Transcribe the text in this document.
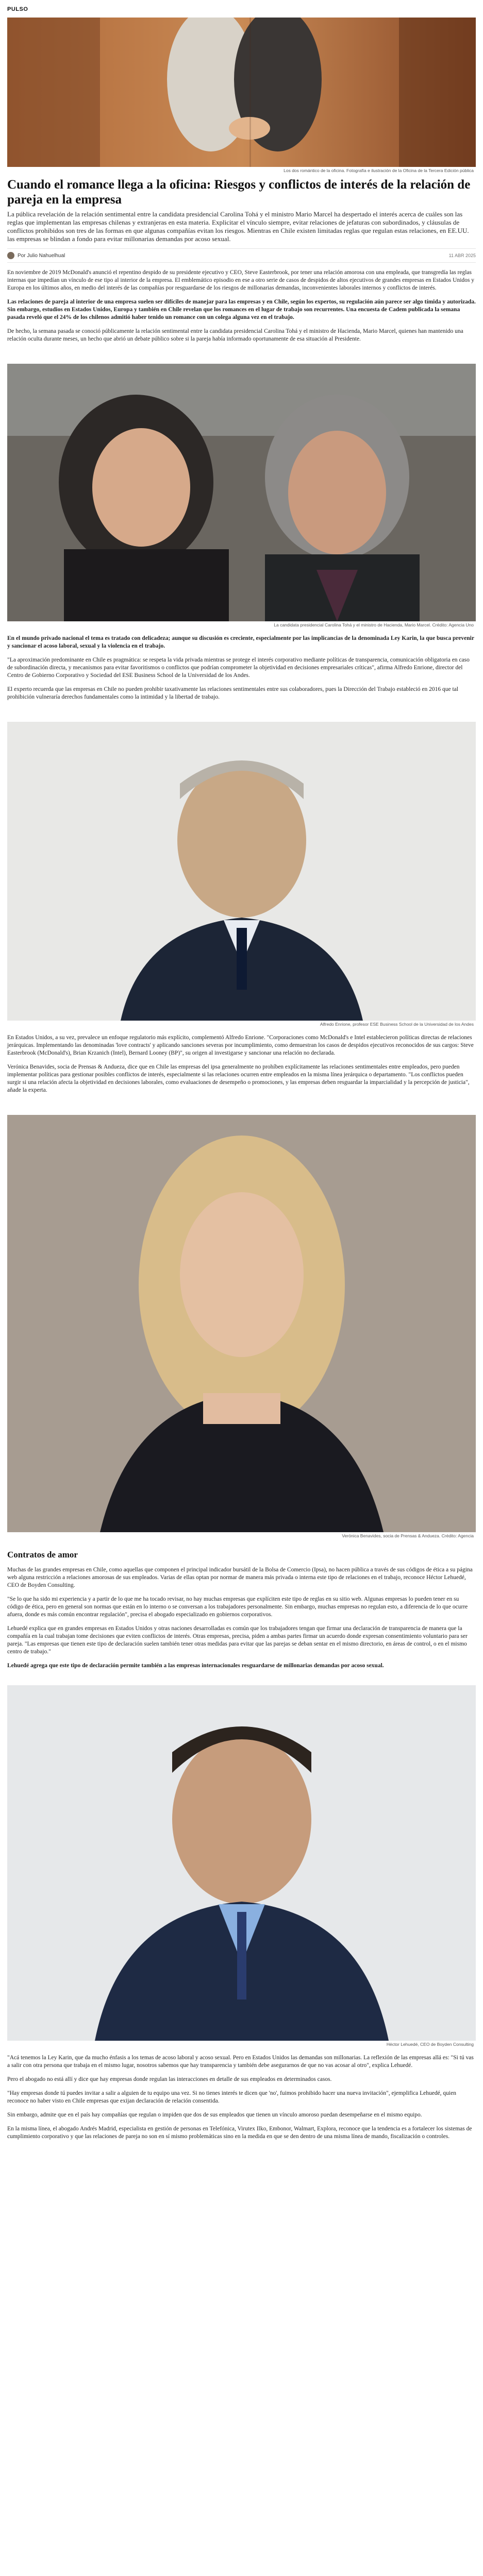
PULSO
Los dos romántico de la oficina. Fotografía e ilustración de la Oficina de la Tercera Edición pública
Cuando el romance llega a la oficina: Riesgos y conflictos de interés de la relación de pareja en la empresa

La pública revelación de la relación sentimental entre la candidata presidencial Carolina Tohá y el ministro Mario Marcel ha despertado el interés acerca de cuáles son las reglas que implementan las empresas chilenas y extranjeras en esta materia. Explicitar el vínculo siempre, evitar relaciones de jefaturas con subordinados, y cláusulas de conflictos prohibidos son tres de las formas en que algunas compañías evitan los riesgos. Mientras en Chile existen limitadas reglas que regulan estas relaciones, en EE.UU. las empresas se blindan a fondo para evitar millonarias demandas por acoso sexual.

Por Julio Nahuelhual	11 ABR 2025

En noviembre de 2019 McDonald's anunció el repentino despido de su presidente ejecutivo y CEO, Steve Easterbrook, por tener una relación amorosa con una empleada, que transgredía las reglas internas que impedían un vínculo de ese tipo al interior de la empresa. El emblemático episodio en ese a otro serie de casos de despidos de altos ejecutivos de grandes empresas en Estados Unidos y Europa en los últimos años, en medio del interés de las compañías por resguardarse de los riesgos de millonarias demandas, inconvenientes laborales internos y conflictos de interés.

Las relaciones de pareja al interior de una empresa suelen ser difíciles de manejar para las empresas y en Chile, según los expertos, su regulación aún parece ser algo tímida y autorizada. Sin embargo, estudios en Estados Unidos, Europa y también en Chile revelan que los romances en el lugar de trabajo son recurrentes. Una encuesta de Cadem publicada la semana pasada reveló que el 24% de los chilenos admitió haber tenido un romance con un colega alguna vez en el trabajo.

De hecho, la semana pasada se conoció públicamente la relación sentimental entre la candidata presidencial Carolina Tohá y el ministro de Hacienda, Mario Marcel, quienes han mantenido una relación oculta durante meses, un hecho que abrió un debate público sobre si la pareja había informado oportunamente de esa situación al Presidente.

La candidata presidencial Carolina Tohá y el ministro de Hacienda, Mario Marcel. Crédito: Agencia Uno

En el mundo privado nacional el tema es tratado con delicadeza; aunque su discusión es creciente, especialmente por las implicancias de la denominada Ley Karin, la que busca prevenir y sancionar el acoso laboral, sexual y la violencia en el trabajo.

"La aproximación predominante en Chile es pragmática: se respeta la vida privada mientras se protege el interés corporativo mediante políticas de transparencia, comunicación obligatoria en caso de subordinación directa, y mecanismos para evitar favoritismos o conflictos que podrían comprometer la objetividad en decisiones empresariales críticas", afirma Alfredo Enrione, director del Centro de Gobierno Corporativo y Sociedad del ESE Business School de la Universidad de los Andes.

El experto recuerda que las empresas en Chile no pueden prohibir taxativamente las relaciones sentimentales entre sus colaboradores, pues la Dirección del Trabajo estableció en 2016 que tal prohibición vulneraría derechos fundamentales como la intimidad y la libertad de trabajo.

Alfredo Enrione, profesor ESE Business School de la Universidad de los Andes

En Estados Unidos, a su vez, prevalece un enfoque regulatorio más explícito, complementó Alfredo Enrione. "Corporaciones como McDonald's e Intel establecieron políticas directas de relaciones jerárquicas. Implementando las denominadas 'love contracts' y aplicando sanciones severas por incumplimiento, como demuestran los casos de despidos ejecutivos reconocidos de sus cargos: Steve Easterbrook (McDonald's), Brian Krzanich (Intel), Bernard Looney (BP)", su origen al investigarse y sancionar una relación no declarada.

Verónica Benavides, socia de Prensas & Andueza, dice que en Chile las empresas del ipsa generalmente no prohíben explícitamente las relaciones sentimentales entre empleados, pero pueden implementar políticas para gestionar posibles conflictos de interés, especialmente si las relaciones ocurren entre empleados en la misma línea jerárquica o departamento. "Los conflictos pueden surgir si una relación afecta la objetividad en decisiones laborales, como evaluaciones de desempeño o promociones, y las empresas deben resguardar la imparcialidad y la percepción de justicia", añade la experta.

Verónica Benavides, socia de Prensas & Andueza. Crédito: Agencia
Contratos de amor

Muchas de las grandes empresas en Chile, como aquellas que componen el principal indicador bursátil de la Bolsa de Comercio (Ipsa), no hacen pública a través de sus códigos de ética a su página web alguna restricción a relaciones amorosas de sus empleados. Varias de ellas optan por normar de manera más privada o interna este tipo de relaciones en el trabajo, reconoce Héctor Lehuedé, CEO de Boyden Consulting.

"Se lo que ha sido mi experiencia y a partir de lo que me ha tocado revisar, no hay muchas empresas que explíciten este tipo de reglas en su sitio web. Algunas empresas lo pueden tener en su código de ética, pero en general son normas que están en lo interno o se conversan a los trabajadores personalmente. Sin embargo, muchas empresas no regulan esto, a diferencia de lo que ocurre afuera, donde es más común encontrar regulación", precisa el abogado especializado en gobiernos corporativos.

Lehuedé explica que en grandes empresas en Estados Unidos y otras naciones desarrolladas es común que los trabajadores tengan que firmar una declaración de transparencia de manera que la compañía en la cual trabajan tome decisiones que eviten conflictos de interés. Otras empresas, precisa, piden a ambas partes firmar un acuerdo donde expresan consentimiento voluntario para ser pareja. "Las empresas que tienen este tipo de declaración suelen también tener otras medidas para evitar que las parejas se deban sentar en el mismo directorio, en áreas de control, o en el mismo centro de trabajo."

Lehuedé agrega que este tipo de declaración permite también a las empresas internacionales resguardarse de millonarias demandas por acoso sexual.

Héctor Lehuedé, CEO de Boyden Consulting

"Acá tenemos la Ley Karin, que da mucho énfasis a los temas de acoso laboral y acoso sexual. Pero en Estados Unidos las demandas son millonarias. La reflexión de las empresas allá es: "Si tú vas a salir con otra persona que trabaja en el mismo lugar, nosotros sabemos que hay transparencia y también debe asegurarnos de que no vas acosar al otro", explica Lehuedé.

Pero el abogado no está allí y dice que hay empresas donde regulan las interacciones en detalle de sus empleados en determinados casos.

"Hay empresas donde tú puedes invitar a salir a alguien de tu equipo una vez. Si no tienes interés te dicen que 'no', fuimos prohibido hacer una nueva invitación", ejemplifica Lehuedé, quien reconoce no haber visto en Chile empresas que exijan declaración de relación consentida.

Sin embargo, admite que en el país hay compañías que regulan o impiden que dos de sus empleados que tienen un vínculo amoroso puedan desempeñarse en el mismo equipo.

En la misma línea, el abogado Andrés Madrid, especialista en gestión de personas en Telefónica, Virutex Ilko, Embonor, Walmart, Explora, reconoce que la tendencia es a fortalecer los sistemas de cumplimiento corporativo y que las relaciones de pareja no son en sí mismo problemáticas sino en la medida en que se den dentro de una misma línea de mando, fiscalización o controles.
